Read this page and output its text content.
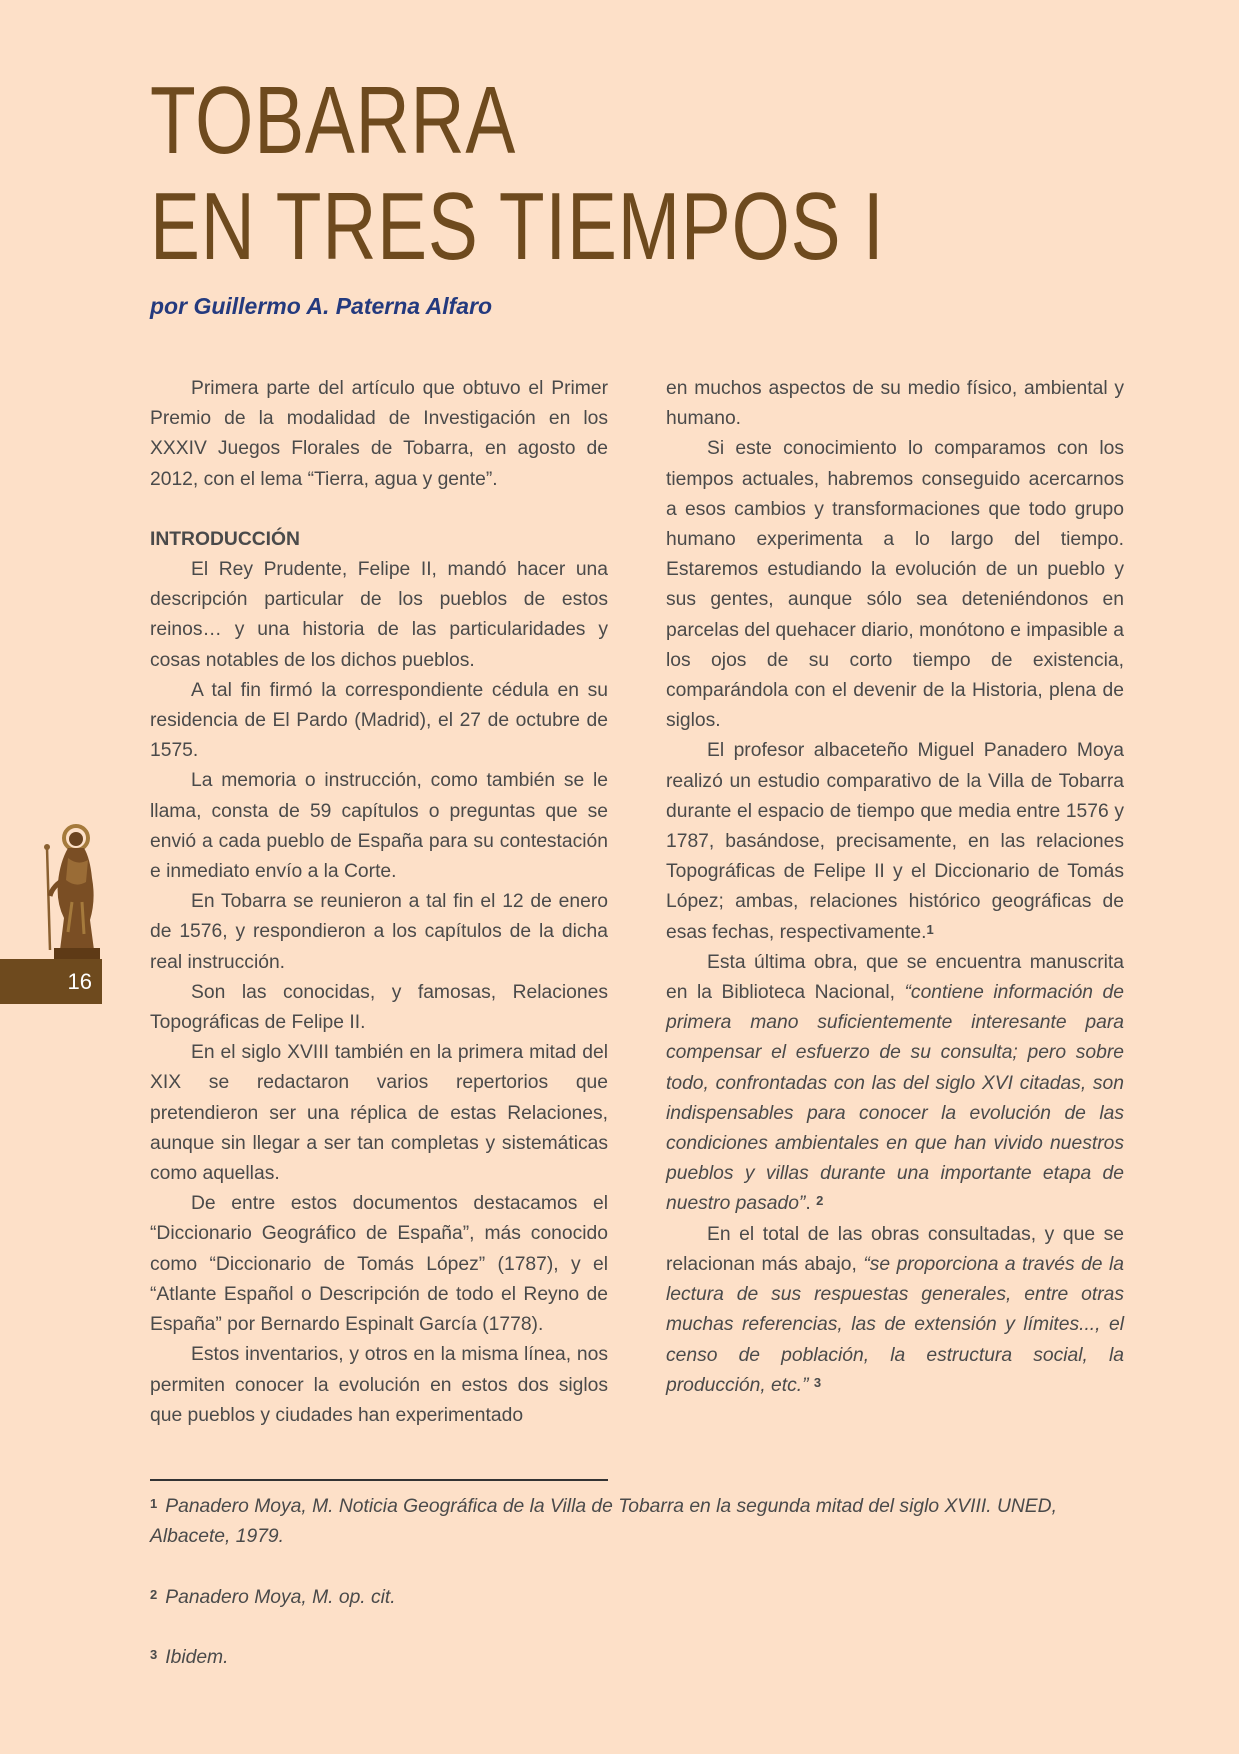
TOBARRA
EN TRES TIEMPOS I
por Guillermo A. Paterna Alfaro

Primera parte del artículo que obtuvo el Primer Premio de la modalidad de Investigación en los XXXIV Juegos Florales de Tobarra, en agosto de 2012, con el lema “Tierra, agua y gente”.

INTRODUCCIÓN

El Rey Prudente, Felipe II, mandó hacer una descripción particular de los pueblos de estos reinos… y una historia de las particularidades y cosas notables de los dichos pueblos.

A tal fin firmó la correspondiente cédula en su residencia de El Pardo (Madrid), el 27 de octubre de 1575.

La memoria o instrucción, como también se le llama, consta de 59 capítulos o preguntas que se envió a cada pueblo de España para su contestación e inmediato envío a la Corte.

En Tobarra se reunieron a tal fin el 12 de enero de 1576, y respondieron a los capítulos de la dicha real instrucción.

Son las conocidas, y famosas, Relaciones Topográficas de Felipe II.

En el siglo XVIII también en la primera mitad del XIX se redactaron varios repertorios que pretendieron ser una réplica de estas Relaciones, aunque sin llegar a ser tan completas y sistemáticas como aquellas.

De entre estos documentos destacamos el “Diccionario Geográfico de España”, más conocido como “Diccionario de Tomás López” (1787), y el “Atlante Español o Descripción de todo el Reyno de España” por Bernardo Espinalt García (1778).

Estos inventarios, y otros en la misma línea, nos permiten conocer la evolución en estos dos siglos que pueblos y ciudades han experimentado

en muchos aspectos de su medio físico, ambiental y humano.

Si este conocimiento lo comparamos con los tiempos actuales, habremos conseguido acercarnos a esos cambios y transformaciones que todo grupo humano experimenta a lo largo del tiempo. Estaremos estudiando la evolución de un pueblo y sus gentes, aunque sólo sea deteniéndonos en parcelas del quehacer diario, monótono e impasible a los ojos de su corto tiempo de existencia, comparándola con el devenir de la Historia, plena de siglos.

El profesor albaceteño Miguel Panadero Moya realizó un estudio comparativo de la Villa de Tobarra durante el espacio de tiempo que media entre 1576 y 1787, basándose, precisamente, en las relaciones Topográficas de Felipe II y el Diccionario de Tomás López; ambas, relaciones histórico geográficas de esas fechas, respectivamente.$^1$

Esta última obra, que se encuentra manuscrita en la Biblioteca Nacional, “contiene información de primera mano suficientemente interesante para compensar el esfuerzo de su consulta; pero sobre todo, confrontadas con las del siglo XVI citadas, son indispensables para conocer la evolución de las condiciones ambientales en que han vivido nuestros pueblos y villas durante una importante etapa de nuestro pasado”. $^2$

En el total de las obras consultadas, y que se relacionan más abajo, “se proporciona a través de la lectura de sus respuestas generales, entre otras muchas referencias, las de extensión y límites..., el censo de población, la estructura social, la producción, etc.” $^3$

16
$^1$ Panadero Moya, M. Noticia Geográfica de la Villa de Tobarra en la segunda mitad del siglo XVIII. UNED, Albacete, 1979.
$^2$ Panadero Moya, M. op. cit.
$^3$ Ibidem.
